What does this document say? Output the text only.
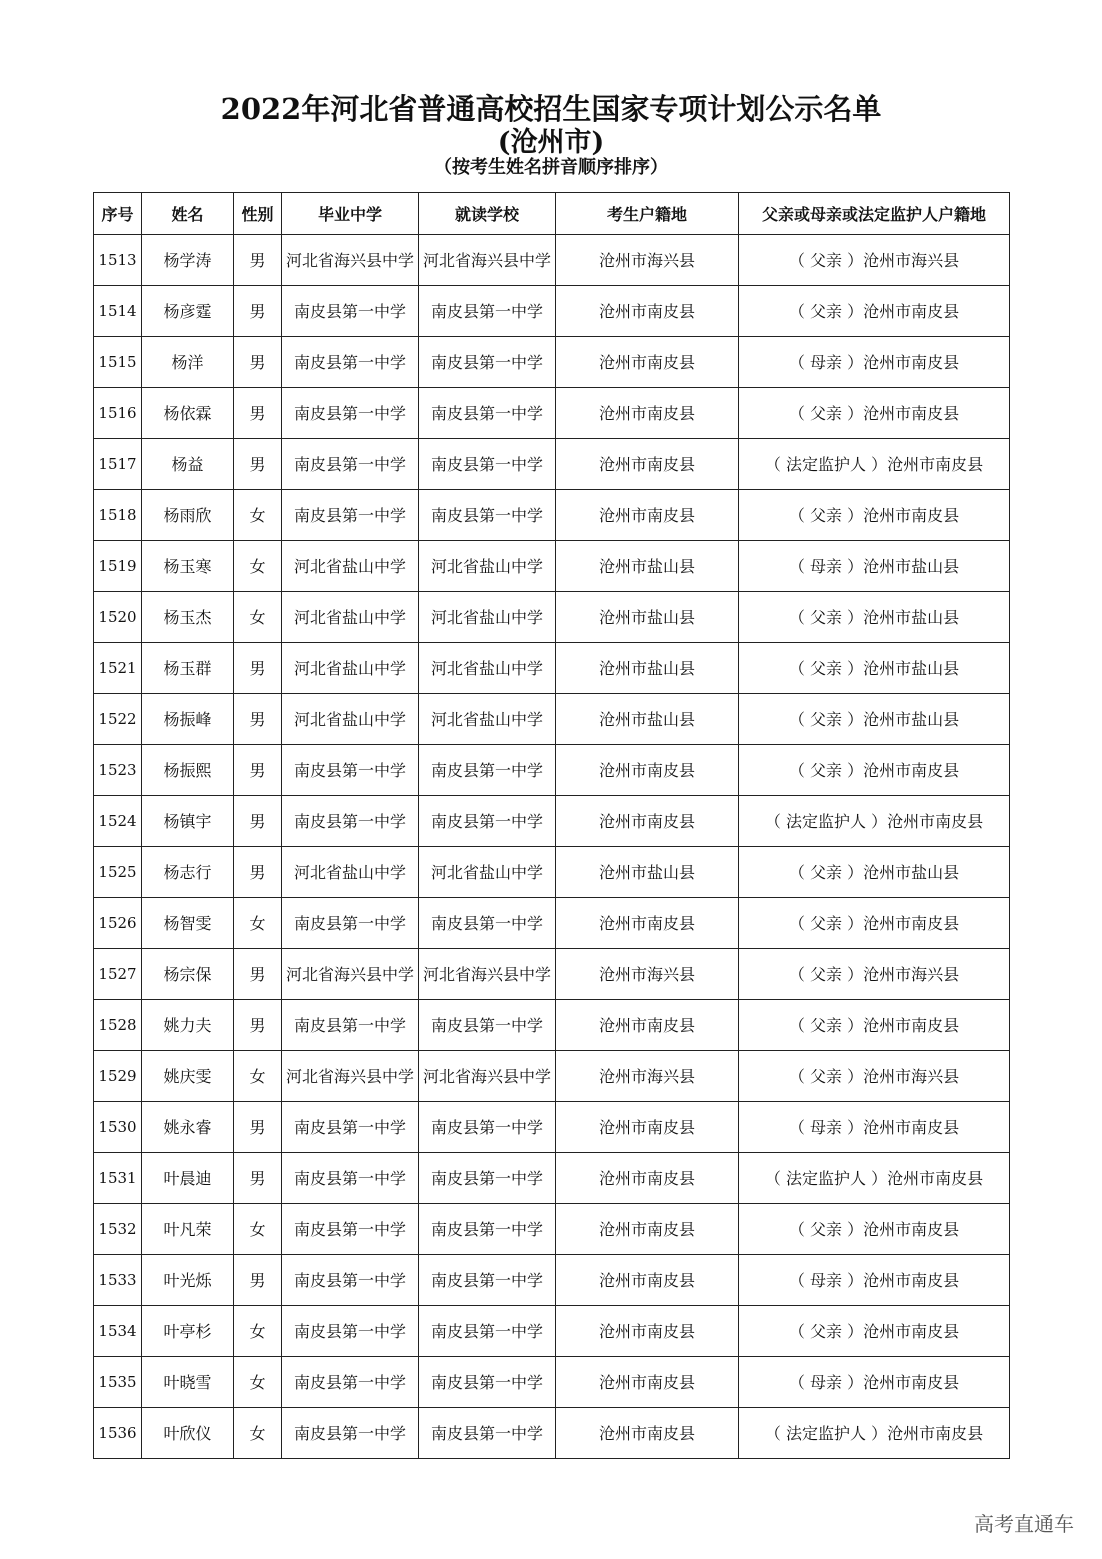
2022年河北省普通高校招生国家专项计划公示名单
(沧州市)
（按考生姓名拼音顺序排序）
序号	姓名	性别	毕业中学	就读学校	考生户籍地	父亲或母亲或法定监护人户籍地
1513	杨学涛	男	河北省海兴县中学	河北省海兴县中学	沧州市海兴县	（ 父亲 ）沧州市海兴县
1514	杨彦霆	男	南皮县第一中学	南皮县第一中学	沧州市南皮县	（ 父亲 ）沧州市南皮县
1515	杨洋	男	南皮县第一中学	南皮县第一中学	沧州市南皮县	（ 母亲 ）沧州市南皮县
1516	杨依霖	男	南皮县第一中学	南皮县第一中学	沧州市南皮县	（ 父亲 ）沧州市南皮县
1517	杨益	男	南皮县第一中学	南皮县第一中学	沧州市南皮县	（ 法定监护人 ）沧州市南皮县
1518	杨雨欣	女	南皮县第一中学	南皮县第一中学	沧州市南皮县	（ 父亲 ）沧州市南皮县
1519	杨玉寒	女	河北省盐山中学	河北省盐山中学	沧州市盐山县	（ 母亲 ）沧州市盐山县
1520	杨玉杰	女	河北省盐山中学	河北省盐山中学	沧州市盐山县	（ 父亲 ）沧州市盐山县
1521	杨玉群	男	河北省盐山中学	河北省盐山中学	沧州市盐山县	（ 父亲 ）沧州市盐山县
1522	杨振峰	男	河北省盐山中学	河北省盐山中学	沧州市盐山县	（ 父亲 ）沧州市盐山县
1523	杨振熙	男	南皮县第一中学	南皮县第一中学	沧州市南皮县	（ 父亲 ）沧州市南皮县
1524	杨镇宇	男	南皮县第一中学	南皮县第一中学	沧州市南皮县	（ 法定监护人 ）沧州市南皮县
1525	杨志行	男	河北省盐山中学	河北省盐山中学	沧州市盐山县	（ 父亲 ）沧州市盐山县
1526	杨智雯	女	南皮县第一中学	南皮县第一中学	沧州市南皮县	（ 父亲 ）沧州市南皮县
1527	杨宗保	男	河北省海兴县中学	河北省海兴县中学	沧州市海兴县	（ 父亲 ）沧州市海兴县
1528	姚力夫	男	南皮县第一中学	南皮县第一中学	沧州市南皮县	（ 父亲 ）沧州市南皮县
1529	姚庆雯	女	河北省海兴县中学	河北省海兴县中学	沧州市海兴县	（ 父亲 ）沧州市海兴县
1530	姚永睿	男	南皮县第一中学	南皮县第一中学	沧州市南皮县	（ 母亲 ）沧州市南皮县
1531	叶晨迪	男	南皮县第一中学	南皮县第一中学	沧州市南皮县	（ 法定监护人 ）沧州市南皮县
1532	叶凡荣	女	南皮县第一中学	南皮县第一中学	沧州市南皮县	（ 父亲 ）沧州市南皮县
1533	叶光烁	男	南皮县第一中学	南皮县第一中学	沧州市南皮县	（ 母亲 ）沧州市南皮县
1534	叶亭杉	女	南皮县第一中学	南皮县第一中学	沧州市南皮县	（ 父亲 ）沧州市南皮县
1535	叶晓雪	女	南皮县第一中学	南皮县第一中学	沧州市南皮县	（ 母亲 ）沧州市南皮县
1536	叶欣仪	女	南皮县第一中学	南皮县第一中学	沧州市南皮县	（ 法定监护人 ）沧州市南皮县
高考直通车
